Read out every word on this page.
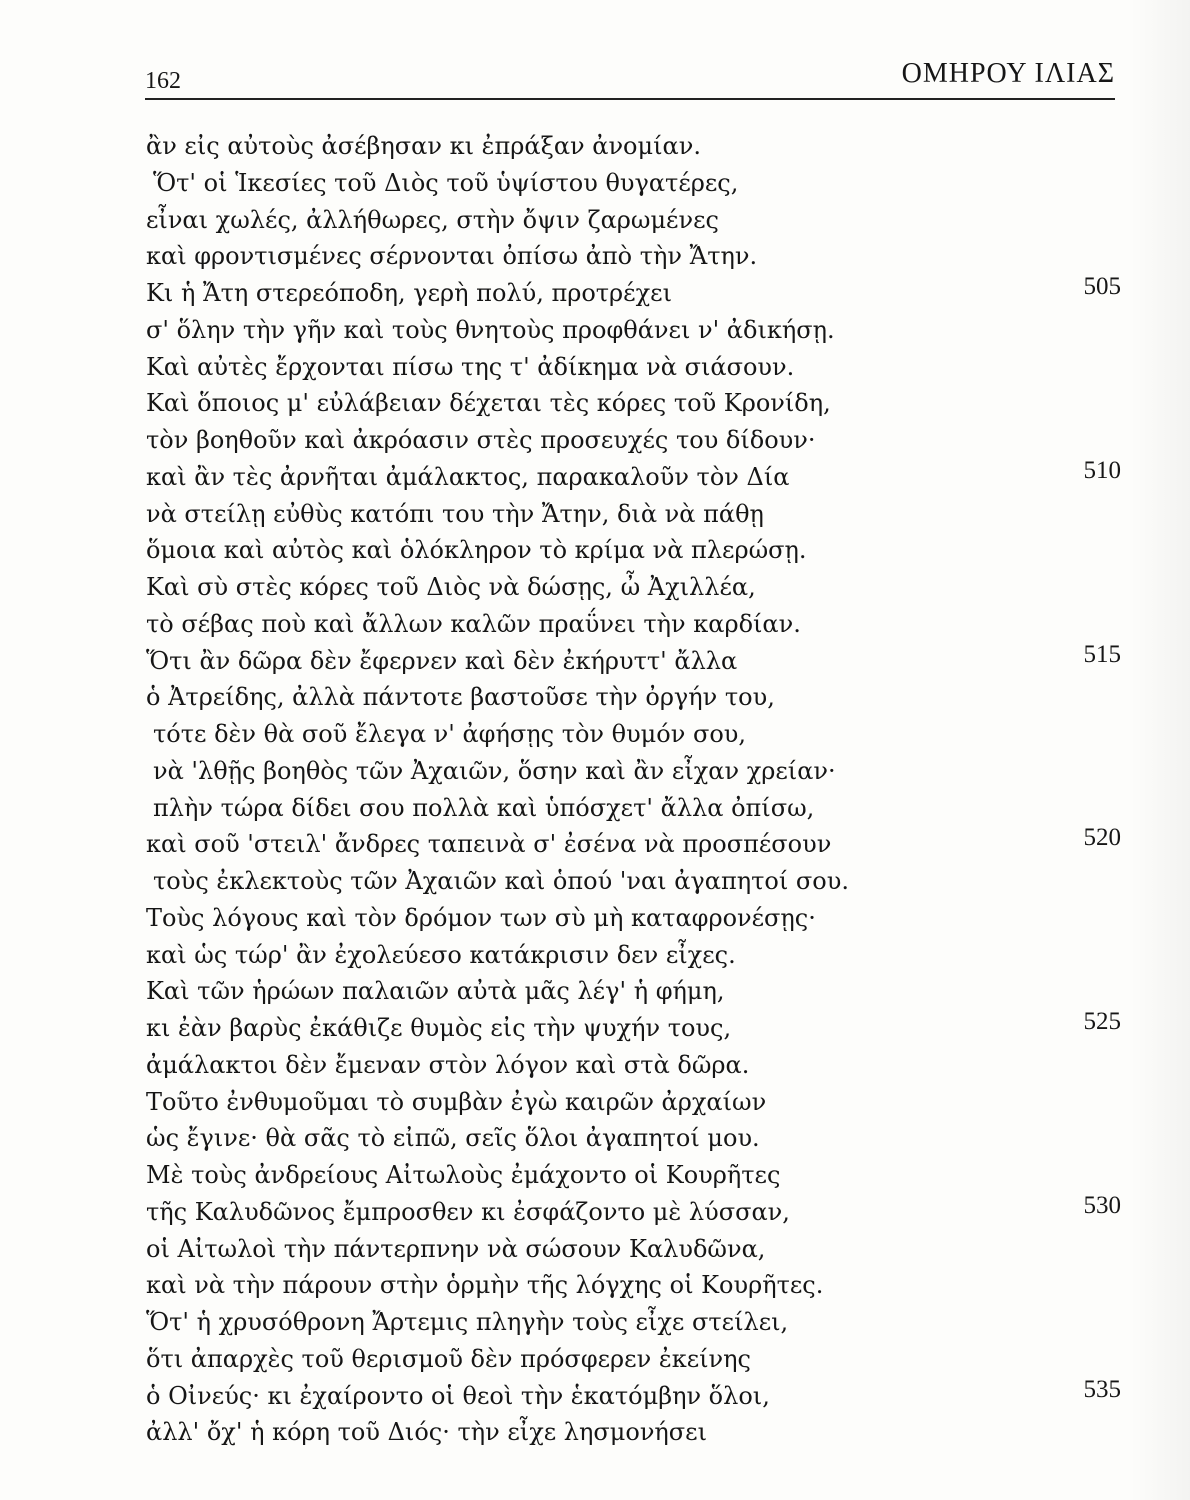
162	ΟΜΗΡΟΥ ΙΛΙΑΣ
ἂν εἰς αὐτοὺς ἀσέβησαν κι ἐπράξαν ἀνομίαν.
Ὅτ' οἱ Ἱκεσίες τοῦ Διὸς τοῦ ὑψίστου θυγατέρες,
εἶναι χωλές, ἀλλήθωρες, στὴν ὄψιν ζαρωμένες
καὶ φροντισμένες σέρνονται ὀπίσω ἀπὸ τὴν Ἄτην.
Κι ἡ Ἄτη στερεόποδη, γερὴ πολύ, προτρέχει	505
σ' ὅλην τὴν γῆν καὶ τοὺς θνητοὺς προφθάνει ν' ἀδικήσῃ.
Καὶ αὐτὲς ἔρχονται πίσω της τ' ἀδίκημα νὰ σιάσουν.
Καὶ ὅποιος μ' εὐλάβειαν δέχεται τὲς κόρες τοῦ Κρονίδη,
τὸν βοηθοῦν καὶ ἀκρόασιν στὲς προσευχές του δίδουν·
καὶ ἂν τὲς ἀρνῆται ἀμάλακτος, παρακαλοῦν τὸν Δία	510
νὰ στείλῃ εὐθὺς κατόπι του τὴν Ἄτην, διὰ νὰ πάθῃ
ὅμοια καὶ αὐτὸς καὶ ὁλόκληρον τὸ κρίμα νὰ πλερώσῃ.
Καὶ σὺ στὲς κόρες τοῦ Διὸς νὰ δώσῃς, ὦ Ἀχιλλέα,
τὸ σέβας ποὺ καὶ ἄλλων καλῶν πραΰνει τὴν καρδίαν.
Ὅτι ἂν δῶρα δὲν ἔφερνεν καὶ δὲν ἐκήρυττ' ἄλλα	515
ὁ Ἀτρείδης, ἀλλὰ πάντοτε βαστοῦσε τὴν ὀργήν του,
τότε δὲν θὰ σοῦ ἔλεγα ν' ἀφήσῃς τὸν θυμόν σου,
νὰ 'λθῇς βοηθὸς τῶν Ἀχαιῶν, ὅσην καὶ ἂν εἶχαν χρείαν·
πλὴν τώρα δίδει σου πολλὰ καὶ ὑπόσχετ' ἄλλα ὀπίσω,
καὶ σοῦ 'στειλ' ἄνδρες ταπεινὰ σ' ἐσένα νὰ προσπέσουν	520
τοὺς ἐκλεκτοὺς τῶν Ἀχαιῶν καὶ ὁπού 'ναι ἀγαπητοί σου.
Τοὺς λόγους καὶ τὸν δρόμον των σὺ μὴ καταφρονέσῃς·
καὶ ὡς τώρ' ἂν ἐχολεύεσο κατάκρισιν δεν εἶχες.
Καὶ τῶν ἡρώων παλαιῶν αὐτὰ μᾶς λέγ' ἡ φήμη,
κι ἐὰν βαρὺς ἐκάθιζε θυμὸς εἰς τὴν ψυχήν τους,	525
ἀμάλακτοι δὲν ἔμεναν στὸν λόγον καὶ στὰ δῶρα.
Τοῦτο ἐνθυμοῦμαι τὸ συμβὰν ἐγὼ καιρῶν ἀρχαίων
ὡς ἔγινε· θὰ σᾶς τὸ εἰπῶ, σεῖς ὅλοι ἀγαπητοί μου.
Μὲ τοὺς ἀνδρείους Αἰτωλοὺς ἐμάχοντο οἱ Κουρῆτες
τῆς Καλυδῶνος ἔμπροσθεν κι ἐσφάζοντο μὲ λύσσαν,	530
οἱ Αἰτωλοὶ τὴν πάντερπνην νὰ σώσουν Καλυδῶνα,
καὶ νὰ τὴν πάρουν στὴν ὁρμὴν τῆς λόγχης οἱ Κουρῆτες.
Ὅτ' ἡ χρυσόθρονη Ἄρτεμις πληγὴν τοὺς εἶχε στείλει,
ὅτι ἀπαρχὲς τοῦ θερισμοῦ δὲν πρόσφερεν ἐκείνης
ὁ Οἰνεύς· κι ἐχαίροντο οἱ θεοὶ τὴν ἑκατόμβην ὅλοι,	535
ἀλλ' ὄχ' ἡ κόρη τοῦ Διός· τὴν εἶχε λησμονήσει
